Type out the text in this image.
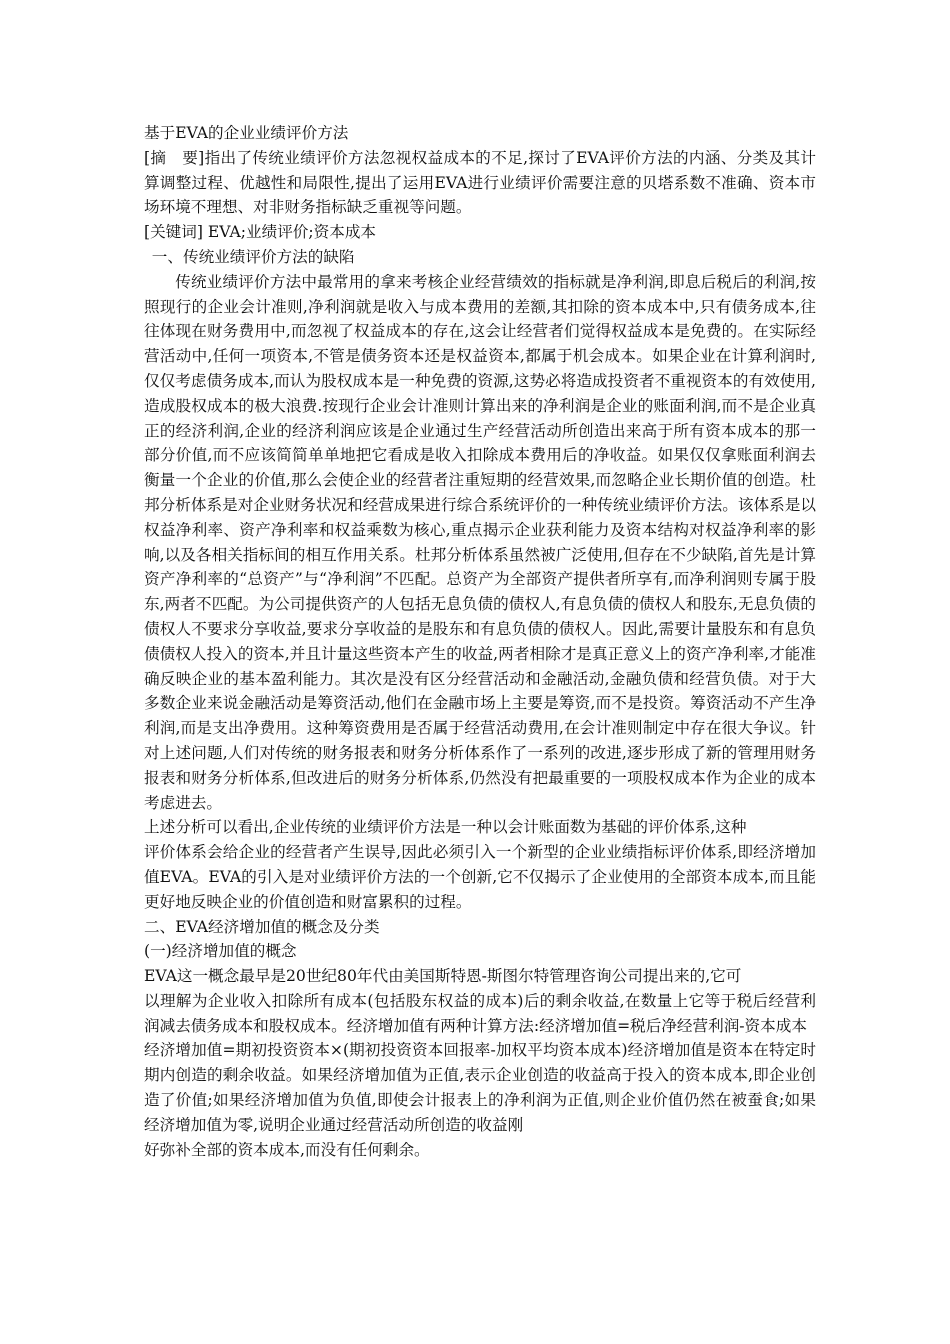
基于EVA的企业业绩评价方法

[摘　要]指出了传统业绩评价方法忽视权益成本的不足,探讨了EVA评价方法的内涵、分类及其计算调整过程、优越性和局限性,提出了运用EVA进行业绩评价需要注意的贝塔系数不准确、资本市场环境不理想、对非财务指标缺乏重视等问题。

[关键词] EVA;业绩评价;资本成本

一、传统业绩评价方法的缺陷

传统业绩评价方法中最常用的拿来考核企业经营绩效的指标就是净利润,即息后税后的利润,按照现行的企业会计准则,净利润就是收入与成本费用的差额,其扣除的资本成本中,只有债务成本,往往体现在财务费用中,而忽视了权益成本的存在,这会让经营者们觉得权益成本是免费的。在实际经营活动中,任何一项资本,不管是债务资本还是权益资本,都属于机会成本。如果企业在计算利润时,仅仅考虑债务成本,而认为股权成本是一种免费的资源,这势必将造成投资者不重视资本的有效使用,造成股权成本的极大浪费.按现行企业会计准则计算出来的净利润是企业的账面利润,而不是企业真正的经济利润,企业的经济利润应该是企业通过生产经营活动所创造出来高于所有资本成本的那一部分价值,而不应该简简单单地把它看成是收入扣除成本费用后的净收益。如果仅仅拿账面利润去衡量一个企业的价值,那么会使企业的经营者注重短期的经营效果,而忽略企业长期价值的创造。杜邦分析体系是对企业财务状况和经营成果进行综合系统评价的一种传统业绩评价方法。该体系是以权益净利率、资产净利率和权益乘数为核心,重点揭示企业获利能力及资本结构对权益净利率的影响,以及各相关指标间的相互作用关系。杜邦分析体系虽然被广泛使用,但存在不少缺陷,首先是计算资产净利率的“总资产”与“净利润”不匹配。总资产为全部资产提供者所享有,而净利润则专属于股东,两者不匹配。为公司提供资产的人包括无息负债的债权人,有息负债的债权人和股东,无息负债的债权人不要求分享收益,要求分享收益的是股东和有息负债的债权人。因此,需要计量股东和有息负债债权人投入的资本,并且计量这些资本产生的收益,两者相除才是真正意义上的资产净利率,才能准确反映企业的基本盈利能力。其次是没有区分经营活动和金融活动,金融负债和经营负债。对于大多数企业来说金融活动是筹资活动,他们在金融市场上主要是筹资,而不是投资。筹资活动不产生净利润,而是支出净费用。这种筹资费用是否属于经营活动费用,在会计准则制定中存在很大争议。针对上述问题,人们对传统的财务报表和财务分析体系作了一系列的改进,逐步形成了新的管理用财务报表和财务分析体系,但改进后的财务分析体系,仍然没有把最重要的一项股权成本作为企业的成本考虑进去。

上述分析可以看出,企业传统的业绩评价方法是一种以会计账面数为基础的评价体系,这种

评价体系会给企业的经营者产生误导,因此必须引入一个新型的企业业绩指标评价体系,即经济增加值EVA。EVA的引入是对业绩评价方法的一个创新,它不仅揭示了企业使用的全部资本成本,而且能更好地反映企业的价值创造和财富累积的过程。

二、EVA经济增加值的概念及分类

(一)经济增加值的概念

EVA这一概念最早是20世纪80年代由美国斯特恩-斯图尔特管理咨询公司提出来的,它可

以理解为企业收入扣除所有成本(包括股东权益的成本)后的剩余收益,在数量上它等于税后经营利润减去债务成本和股权成本。经济增加值有两种计算方法:经济增加值=税后净经营利润-资本成本

经济增加值=期初投资资本×(期初投资资本回报率-加权平均资本成本)经济增加值是资本在特定时期内创造的剩余收益。如果经济增加值为正值,表示企业创造的收益高于投入的资本成本,即企业创造了价值;如果经济增加值为负值,即使会计报表上的净利润为正值,则企业价值仍然在被蚕食;如果经济增加值为零,说明企业通过经营活动所创造的收益刚

好弥补全部的资本成本,而没有任何剩余。
